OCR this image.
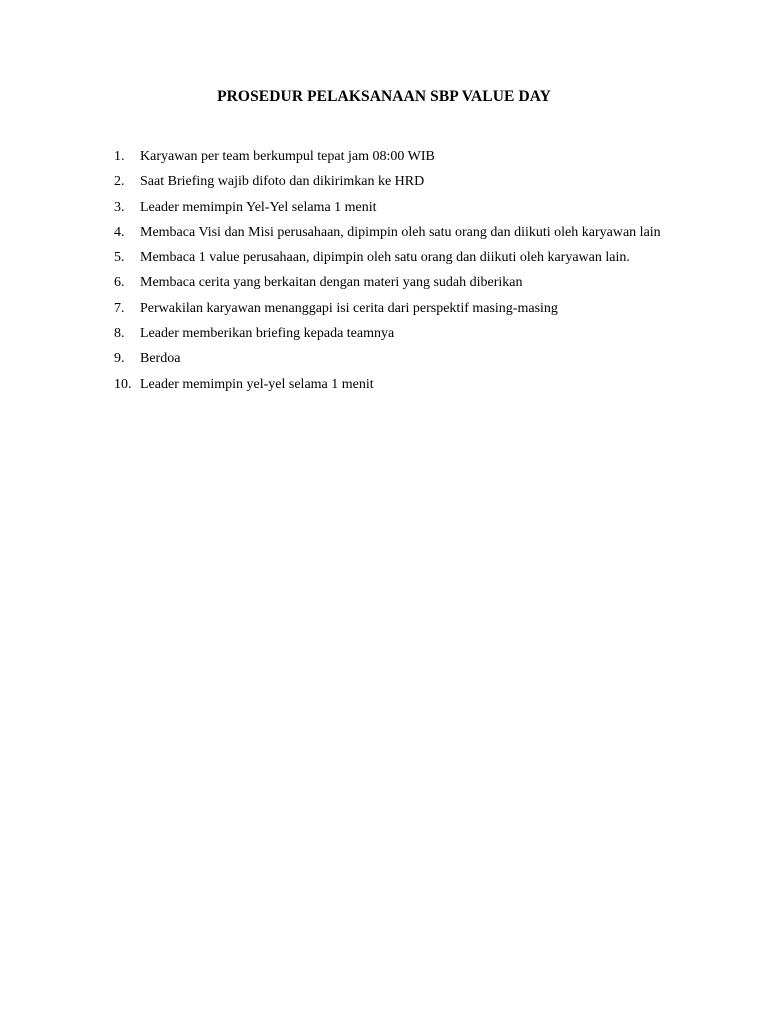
PROSEDUR PELAKSANAAN SBP VALUE DAY
1.	Karyawan per team berkumpul tepat jam 08:00 WIB
2.	Saat Briefing wajib difoto dan dikirimkan ke HRD
3.	Leader memimpin Yel-Yel selama 1 menit
4.	Membaca Visi dan Misi perusahaan, dipimpin oleh satu orang dan diikuti oleh karyawan lain
5.	Membaca 1 value perusahaan, dipimpin oleh satu orang dan diikuti oleh karyawan lain.
6.	Membaca cerita yang berkaitan dengan materi yang sudah diberikan
7.	Perwakilan karyawan menanggapi isi cerita dari perspektif masing-masing
8.	Leader memberikan briefing kepada teamnya
9.	Berdoa
10. Leader memimpin yel-yel selama 1 menit
